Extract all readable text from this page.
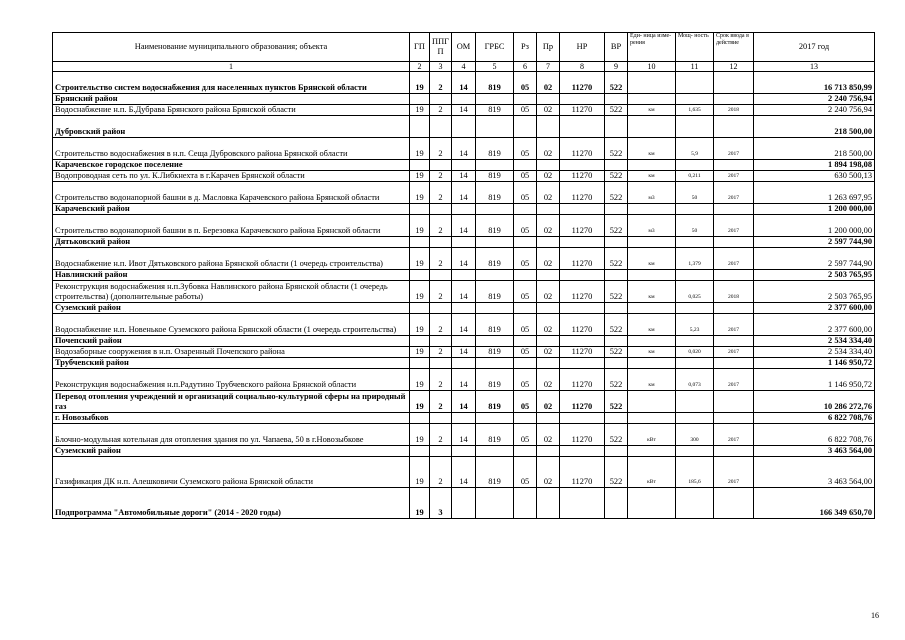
Наименование муниципального образования; объекта	ГП	ППГ П	ОМ	ГРБС	Рз	Пр	НР	ВР	Еди- ница изме- рения	Мощ- ность	Срок ввода в действие	2017 год
1	2	3	4	5	6	7	8	9	10	11	12	13
Строительство систем водоснабжения для населенных пунктов Брянской области	19	2	14	819	05	02	11270	522				16 713 850,99
Брянский район												2 240 756,94
Водоснабжение н.п. Б.Дубрава Брянского района Брянской области	19	2	14	819	05	02	11270	522	км	1,635	2018	2 240 756,94
Дубровский район												218 500,00
Строительство водоснабжения в н.п. Сеща Дубровского района Брянской области	19	2	14	819	05	02	11270	522	км	5,9	2017	218 500,00
Карачевское городское поселение												1 894 198,08
Водопроводная сеть по ул. К.Либкнехта в г.Карачев Брянской области	19	2	14	819	05	02	11270	522	км	0,211	2017	630 500,13
Строительство водонапорной башни в д. Масловка Карачевского района Брянской области	19	2	14	819	05	02	11270	522	м3	50	2017	1 263 697,95
Карачевский район												1 200 000,00
Строительство водонапорной башни в п. Березовка Карачевского района Брянской области	19	2	14	819	05	02	11270	522	м3	50	2017	1 200 000,00
Дятьковский район												2 597 744,90
Водоснабжение н.п. Ивот Дятьковского района Брянской области (1 очередь строительства)	19	2	14	819	05	02	11270	522	км	1,379	2017	2 597 744,90
Навлинский район												2 503 765,95
Реконструкция водоснабжения н.п.Зубовка Навлинского района Брянской области (1 очередь строительства) (дополнительные работы)	19	2	14	819	05	02	11270	522	км	0,025	2018	2 503 765,95
Суземский район												2 377 600,00
Водоснабжение н.п. Новенькое Суземского района Брянской области (1 очередь строительства)	19	2	14	819	05	02	11270	522	км	5,23	2017	2 377 600,00
Почепский район												2 534 334,40
Водозаборные сооружения в н.п. Озаренный Почепского района	19	2	14	819	05	02	11270	522	км	0,020	2017	2 534 334,40
Трубчевский район												1 146 950,72
Реконструкция водоснабжения н.п.Радутино Трубчевского района Брянской области	19	2	14	819	05	02	11270	522	км	0,073	2017	1 146 950,72
Перевод отопления учреждений и организаций социально-культурной сферы на природный газ	19	2	14	819	05	02	11270	522				10 286 272,76
г. Новозыбков												6 822 708,76
Блочно-модульная котельная для отопления здания по ул. Чапаева, 50 в г.Новозыбкове	19	2	14	819	05	02	11270	522	кВт	300	2017	6 822 708,76
Суземский район												3 463 564,00
Газификация ДК н.п. Алешковичи Суземского района Брянской области	19	2	14	819	05	02	11270	522	кВт	185,6	2017	3 463 564,00
Подпрограмма "Автомобильные дороги" (2014 - 2020 годы)	19	3										166 349 650,70
16
